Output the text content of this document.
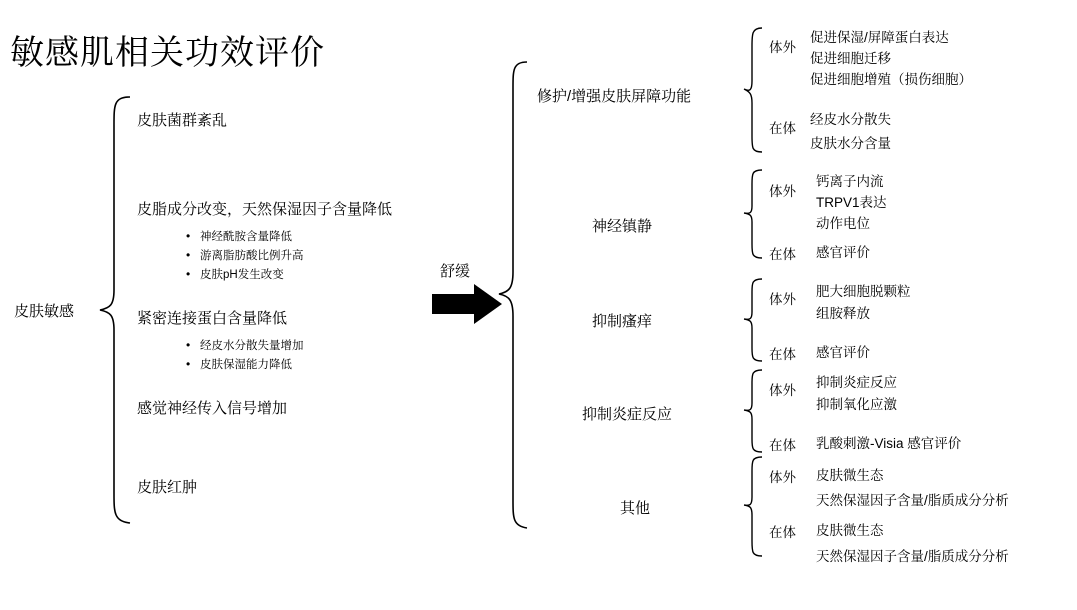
敏感肌相关功效评价
皮肤敏感
皮肤菌群紊乱
皮脂成分改变，天然保湿因子含量降低
• 神经酰胺含量降低
• 游离脂肪酸比例升高
• 皮肤pH发生改变
紧密连接蛋白含量降低
• 经皮水分散失量增加
• 皮肤保湿能力降低
感觉神经传入信号增加
皮肤红肿
舒缓
修护/增强皮肤屏障功能
体外
促进保湿/屏障蛋白表达
促进细胞迁移
促进细胞增殖（损伤细胞）
在体
经皮水分散失
皮肤水分含量
神经镇静
体外
钙离子内流
TRPV1表达
动作电位
在体 感官评价
抑制瘙痒
体外
肥大细胞脱颗粒
组胺释放
在体 感官评价
抑制炎症反应
体外
抑制炎症反应
抑制氧化应激
在体 乳酸刺激-Visia 感官评价
其他
体外 皮肤微生态
天然保湿因子含量/脂质成分分析
在体 皮肤微生态
天然保湿因子含量/脂质成分分析
